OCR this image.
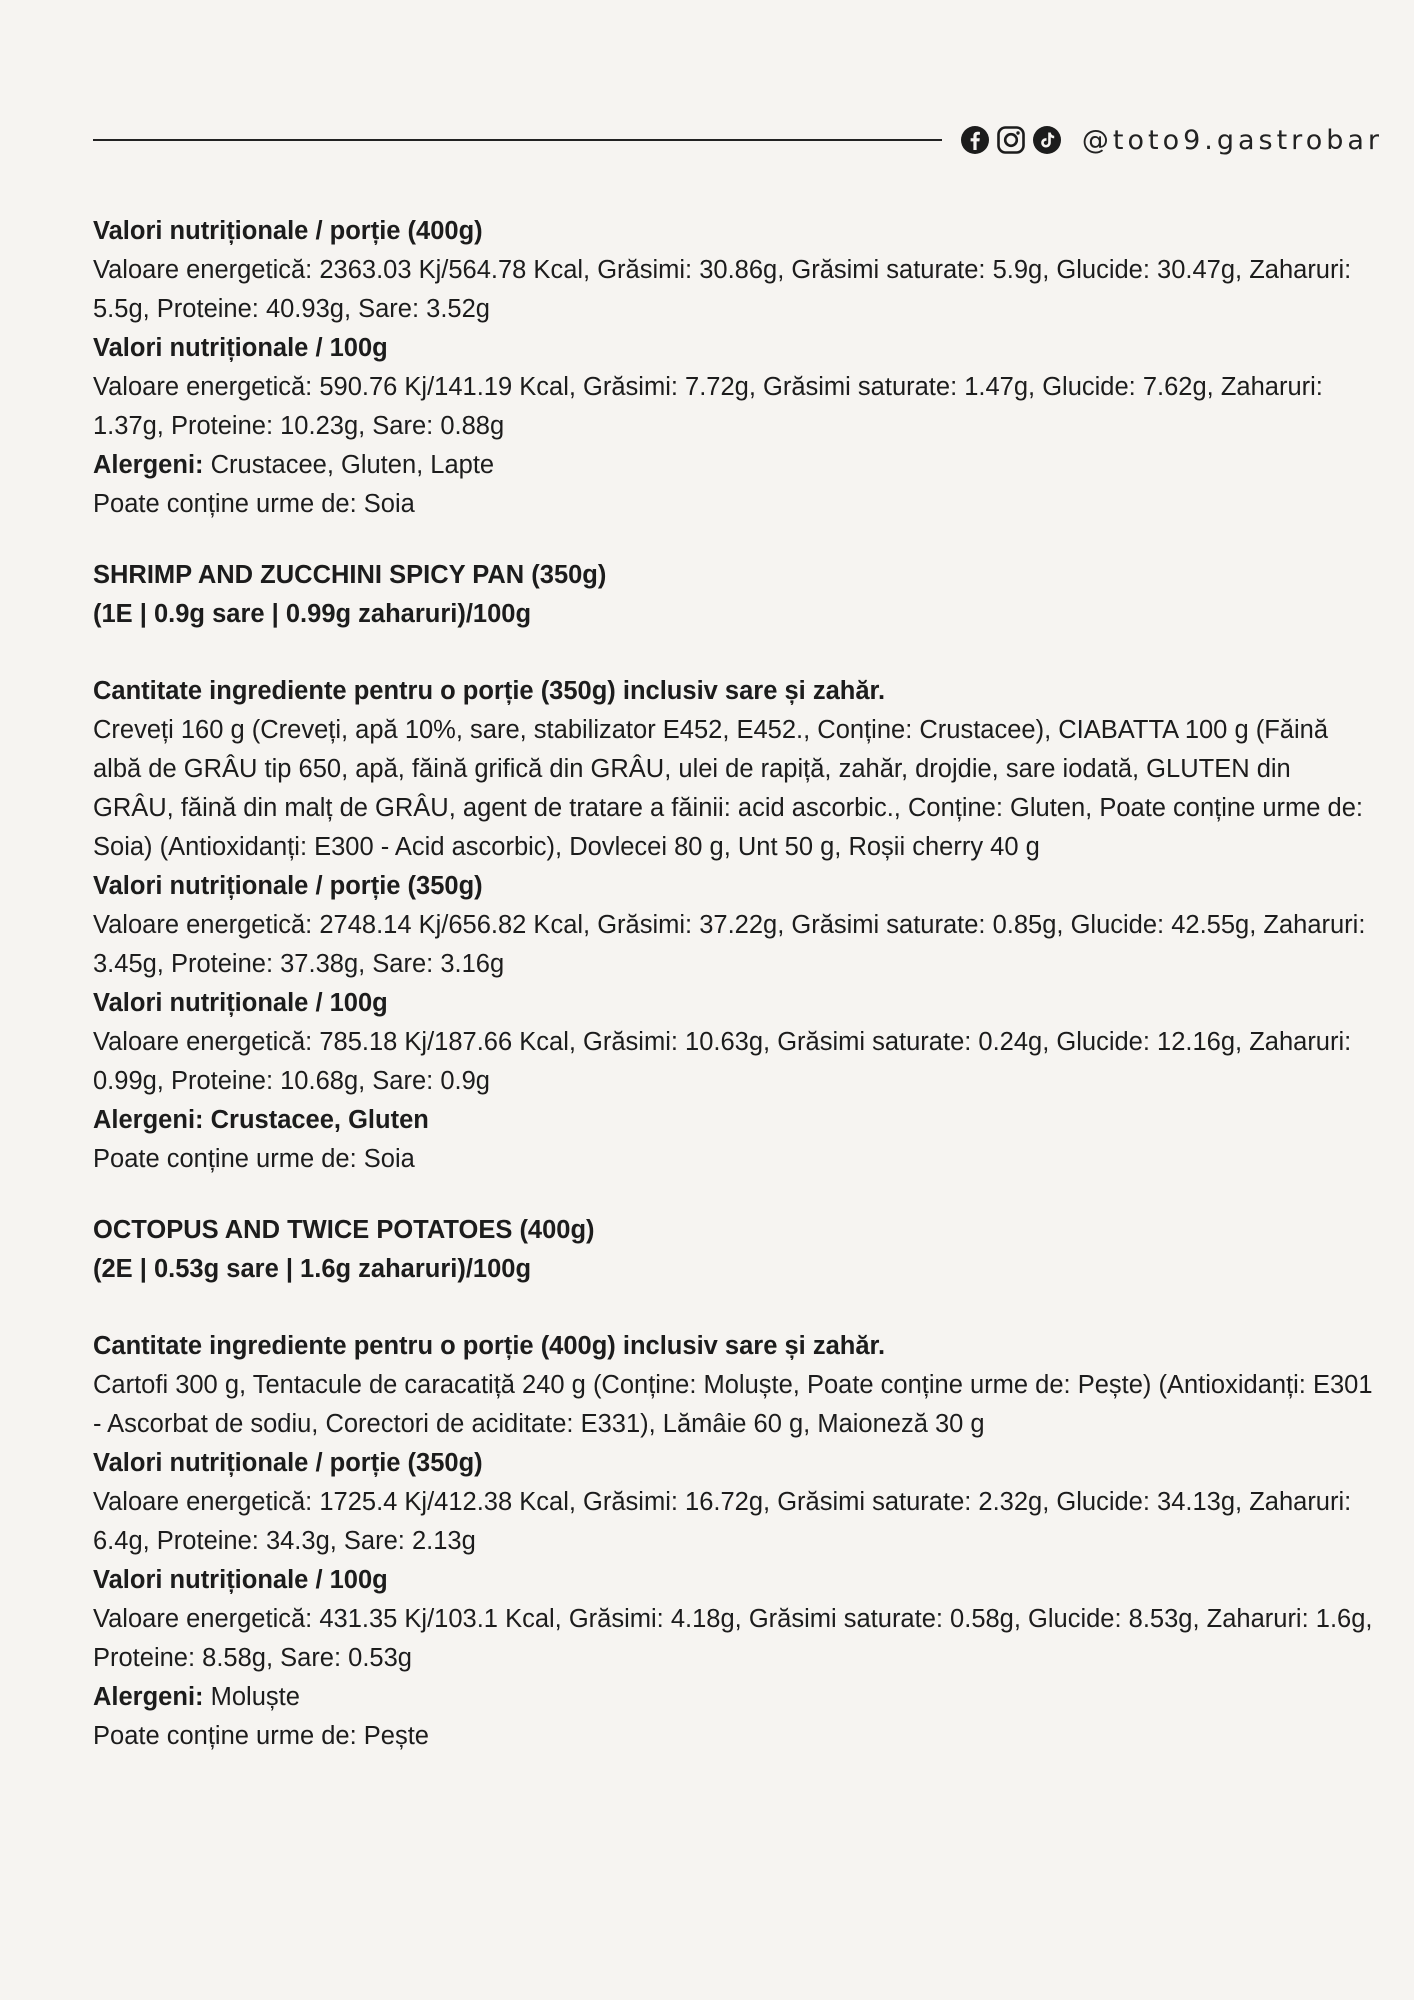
@toto9.gastrobar

Valori nutriționale / porție (400g)

Valoare energetică: 2363.03 Kj/564.78 Kcal, Grăsimi: 30.86g, Grăsimi saturate: 5.9g, Glucide: 30.47g, Zaharuri: 5.5g, Proteine: 40.93g, Sare: 3.52g

Valori nutriționale / 100g

Valoare energetică: 590.76 Kj/141.19 Kcal, Grăsimi: 7.72g, Grăsimi saturate: 1.47g, Glucide: 7.62g, Zaharuri: 1.37g, Proteine: 10.23g, Sare: 0.88g

Alergeni: Crustacee, Gluten, Lapte

Poate conține urme de: Soia

SHRIMP AND ZUCCHINI SPICY PAN (350g)

(1E | 0.9g sare | 0.99g zaharuri)/100g

Cantitate ingrediente pentru o porție (350g) inclusiv sare și zahăr.

Creveți 160 g (Creveți, apă 10%, sare, stabilizator E452, E452., Conține: Crustacee), CIABATTA 100 g (Făină albă de GRÂU tip 650, apă, făină grifică din GRÂU, ulei de rapiță, zahăr, drojdie, sare iodată, GLUTEN din GRÂU, făină din malț de GRÂU, agent de tratare a făinii: acid ascorbic., Conține: Gluten, Poate conține urme de: Soia) (Antioxidanți: E300 - Acid ascorbic), Dovlecei 80 g, Unt 50 g, Roșii cherry 40 g

Valori nutriționale / porție (350g)

Valoare energetică: 2748.14 Kj/656.82 Kcal, Grăsimi: 37.22g, Grăsimi saturate: 0.85g, Glucide: 42.55g, Zaharuri: 3.45g, Proteine: 37.38g, Sare: 3.16g

Valori nutriționale / 100g

Valoare energetică: 785.18 Kj/187.66 Kcal, Grăsimi: 10.63g, Grăsimi saturate: 0.24g, Glucide: 12.16g, Zaharuri: 0.99g, Proteine: 10.68g, Sare: 0.9g

Alergeni: Crustacee, Gluten

Poate conține urme de: Soia

OCTOPUS AND TWICE POTATOES (400g)

(2E | 0.53g sare | 1.6g zaharuri)/100g

Cantitate ingrediente pentru o porție (400g) inclusiv sare și zahăr.

Cartofi 300 g, Tentacule de caracatiță 240 g (Conține: Moluște, Poate conține urme de: Pește) (Antioxidanți: E301 - Ascorbat de sodiu, Corectori de aciditate: E331), Lămâie 60 g, Maioneză 30 g

Valori nutriționale / porție (350g)

Valoare energetică: 1725.4 Kj/412.38 Kcal, Grăsimi: 16.72g, Grăsimi saturate: 2.32g, Glucide: 34.13g, Zaharuri: 6.4g, Proteine: 34.3g, Sare: 2.13g

Valori nutriționale / 100g

Valoare energetică: 431.35 Kj/103.1 Kcal, Grăsimi: 4.18g, Grăsimi saturate: 0.58g, Glucide: 8.53g, Zaharuri: 1.6g, Proteine: 8.58g, Sare: 0.53g

Alergeni: Moluște

Poate conține urme de: Pește
